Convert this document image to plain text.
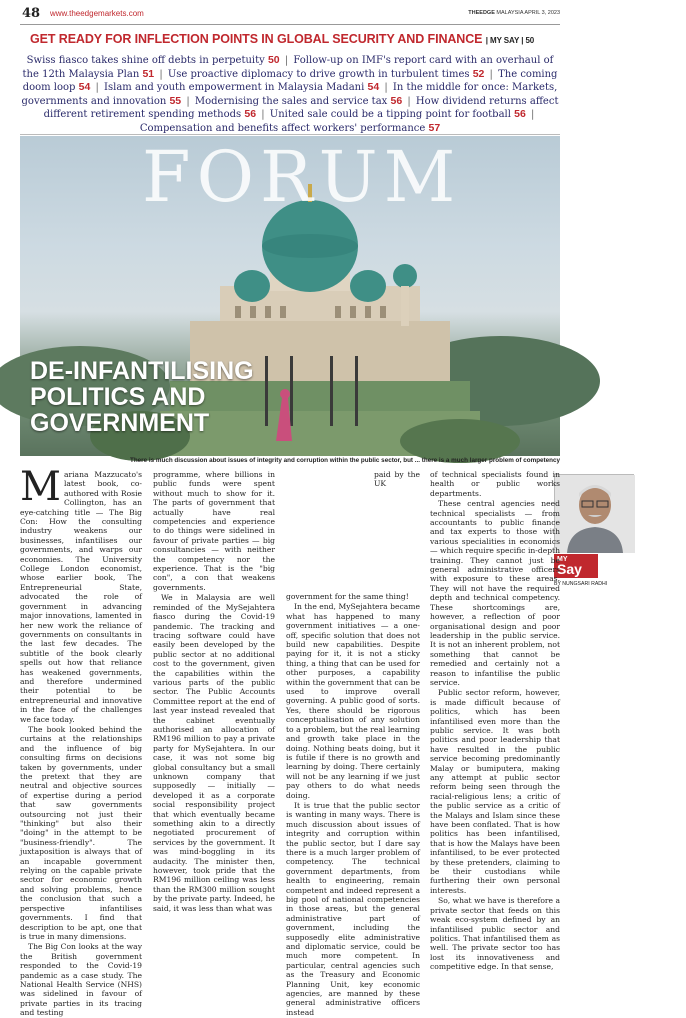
48 www.theedgemarkets.com	THEEDGE MALAYSIA APRIL 3, 2023
GET READY FOR INFLECTION POINTS IN GLOBAL SECURITY AND FINANCE | MY SAY | 50
Swiss fiasco takes shine off debts in perpetuity 50 | Follow-up on IMF's report card with an overhaul of the 12th Malaysia Plan 51 | Use proactive diplomacy to drive growth in turbulent times 52 | The coming doom loop 54 | Islam and youth empowerment in Malaysia Madani 54 | In the middle for once: Markets, governments and innovation 55 | Modernising the sales and service tax 56 | How dividend returns affect different retirement spending methods 56 | United sale could be a tipping point for football 56 | Compensation and benefits affect workers' performance 57
FORUM
DE-INFANTILISING
POLITICS AND
GOVERNMENT
There is much discussion about issues of integrity and corruption within the public sector, but ... there is a much larger problem of competency
M ariana Mazzucato's latest book, co-authored with Rosie Collington, has an eye-catching title — The Big Con: How the consulting industry weakens our businesses, infantilises our governments, and warps our economies. The University College London economist, whose earlier book, The Entrepreneurial State, advocated the role of government in advancing major innovations, lamented in her new work the reliance of governments on consultants in the last few decades. The subtitle of the book clearly spells out how that reliance has weakened governments, and therefore undermined their potential to be entrepreneurial and innovative in the face of the challenges we face today.

The book looked behind the curtains at the relationships and the influence of big consulting firms on decisions taken by governments, under the pretext that they are neutral and objective sources of expertise during a period that saw governments outsourcing not just their "thinking" but also their "doing" in the attempt to be "business-friendly". The juxtaposition is always that of an incapable government relying on the capable private sector for economic growth and solving problems, hence the conclusion that such a perspective infantilises governments. I find that description to be apt, one that is true in many dimensions.

The Big Con looks at the way the British government responded to the Covid-19 pandemic as a case study. The National Health Service (NHS) was sidelined in favour of private parties in its tracing and testing

programme, where billions in public funds were spent without much to show for it. The parts of government that actually have real competencies and experience to do things were sidelined in favour of private parties — big consultancies — with neither the competency nor the experience. That is the "big con", a con that weakens governments.

We in Malaysia are well reminded of the MySejahtera fiasco during the Covid-19 pandemic. The tracking and tracing software could have easily been developed by the public sector at no additional cost to the government, given the capabilities within the various parts of the public sector. The Public Accounts Committee report at the end of last year instead revealed that the cabinet eventually authorised an allocation of RM196 million to pay a private party for MySejahtera. In our case, it was not some big global consultancy but a small unknown company that supposedly — initially — developed it as a corporate social responsibility project that which eventually became something akin to a directly negotiated procurement of services by the government. It was mind-boggling in its audacity. The minister then, however, took pride that the RM196 million ceiling was less than the RM300 million sought by the private party. Indeed, he said, it was less than what was

MY
Say
BY NUNGSARI RADHI

paid by the UK government for the same thing!

In the end, MySejahtera became what has happened to many government initiatives — a one-off, specific solution that does not build new capabilities. Despite paying for it, it is not a sticky thing, a thing that can be used for other purposes, a capability within the government that can be used to improve overall governing. A public good of sorts. Yes, there should be rigorous conceptualisation of any solution to a problem, but the real learning and growth take place in the doing. Nothing beats doing, but it is futile if there is no growth and learning by doing. There certainly will not be any learning if we just pay others to do what needs doing.

It is true that the public sector is wanting in many ways. There is much discussion about issues of integrity and corruption within the public sector, but I dare say there is a much larger problem of competency. The technical government departments, from health to engineering, remain competent and indeed represent a big pool of national competencies in those areas, but the general administrative part of government, including the supposedly elite administrative and diplomatic service, could be much more competent. In particular, central agencies such as the Treasury and Economic Planning Unit, key economic agencies, are manned by these general administrative officers instead

of technical specialists found in health or public works departments.

These central agencies need technical specialists — from accountants to public finance and tax experts to those with various specialities in economics — which require specific in-depth training. They cannot just be general administrative officers with exposure to these areas. They will not have the required depth and technical competency. These shortcomings are, however, a reflection of poor organisational design and poor leadership in the public service. It is not an inherent problem, not something that cannot be remedied and certainly not a reason to infantilise the public service.

Public sector reform, however, is made difficult because of politics, which has been infantilised even more than the public service. It was both politics and poor leadership that have resulted in the public service becoming predominantly Malay or bumiputera, making any attempt at public sector reform being seen through the racial-religious lens; a critic of the public service as a critic of the Malays and Islam since these have been conflated. That is how politics has been infantilised, that is how the Malays have been infantilised, to be ever protected by these pretenders, claiming to be their custodians while furthering their own personal interests.

So, what we have is therefore a private sector that feeds on this weak eco-system defined by an infantilised public sector and politics. That infantilised them as well. The private sector too has lost its innovativeness and competitive edge. In that sense,
